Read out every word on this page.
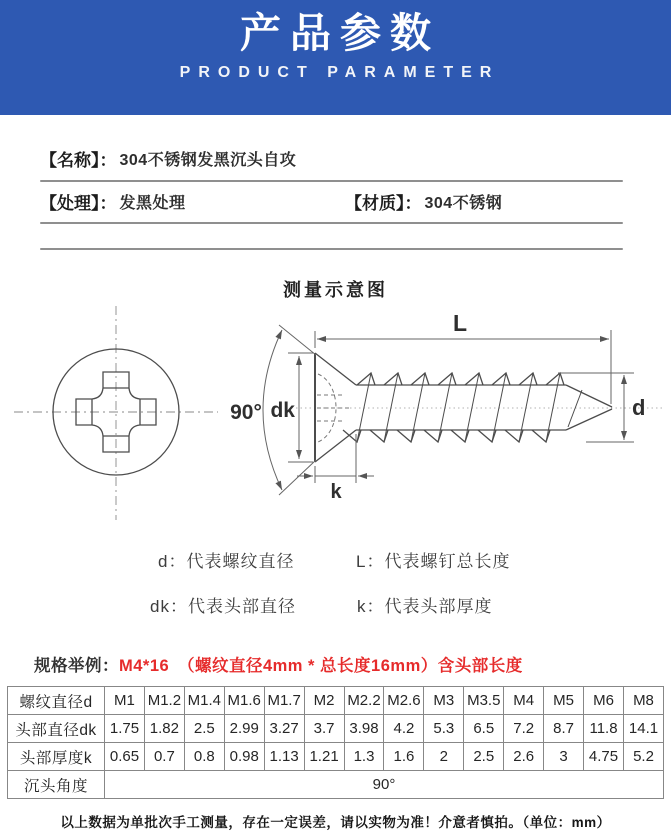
产品参数
PRODUCT PARAMETER
【名称】： 304不锈钢发黑沉头自攻
【处理】： 发黑处理	【材质】： 304不锈钢
测量示意图
L
d
90° dk
k
d：代表螺纹直径	L：代表螺钉总长度
dk：代表头部直径	k：代表头部厚度
规格举例： M4*16　（螺纹直径4mm * 总长度16mm）含头部长度
螺纹直径d	M1	M1.2	M1.4	M1.6	M1.7	M2	M2.2	M2.6	M3	M3.5	M4	M5	M6	M8
头部直径dk	1.75	1.82	2.5	2.99	3.27	3.7	3.98	4.2	5.3	6.5	7.2	8.7	11.8	14.1
头部厚度k	0.65	0.7	0.8	0.98	1.13	1.21	1.3	1.6	2	2.5	2.6	3	4.75	5.2
沉头角度	90°													
以上数据为单批次手工测量，存在一定误差，请以实物为准！介意者慎拍。（单位：mm）
